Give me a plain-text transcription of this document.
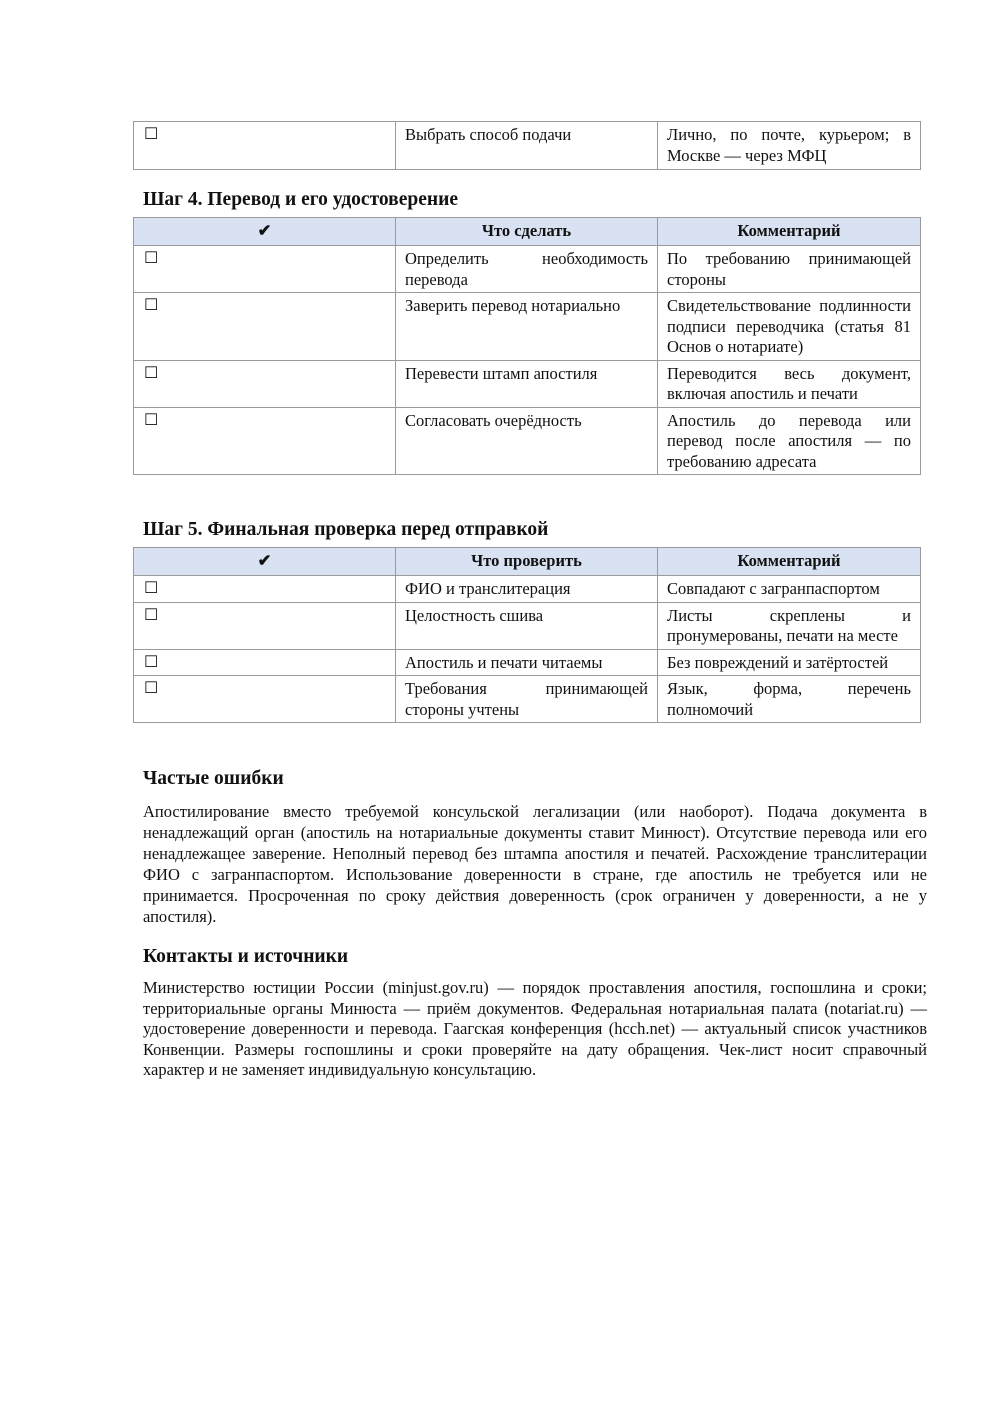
☐	Выбрать способ подачи	Лично, по почте, курьером; в Москве — через МФЦ
Шаг 4. Перевод и его удостоверение
✔	Что сделать	Комментарий
☐	Определить необходимость перевода	По требованию принимающей стороны
☐	Заверить перевод нотариально	Свидетельствование подлинности подписи переводчика (статья 81 Основ о нотариате)
☐	Перевести штамп апостиля	Переводится весь документ, включая апостиль и печати
☐	Согласовать очерёдность	Апостиль до перевода или перевод после апостиля — по требованию адресата
Шаг 5. Финальная проверка перед отправкой
✔	Что проверить	Комментарий
☐	ФИО и транслитерация	Совпадают с загранпаспортом
☐	Целостность сшива	Листы скреплены и пронумерованы, печати на месте
☐	Апостиль и печати читаемы	Без повреждений и затёртостей
☐	Требования принимающей стороны учтены	Язык, форма, перечень полномочий
Частые ошибки

Апостилирование вместо требуемой консульской легализации (или наоборот). Подача документа в ненадлежащий орган (апостиль на нотариальные документы ставит Минюст). Отсутствие перевода или его ненадлежащее заверение. Неполный перевод без штампа апостиля и печатей. Расхождение транслитерации ФИО с загранпаспортом. Использование доверенности в стране, где апостиль не требуется или не принимается. Просроченная по сроку действия доверенность (срок ограничен у доверенности, а не у апостиля).

Контакты и источники

Министерство юстиции России (minjust.gov.ru) — порядок проставления апостиля, госпошлина и сроки; территориальные органы Минюста — приём документов. Федеральная нотариальная палата (notariat.ru) — удостоверение доверенности и перевода. Гаагская конференция (hcch.net) — актуальный список участников Конвенции. Размеры госпошлины и сроки проверяйте на дату обращения. Чек-лист носит справочный характер и не заменяет индивидуальную консультацию.
